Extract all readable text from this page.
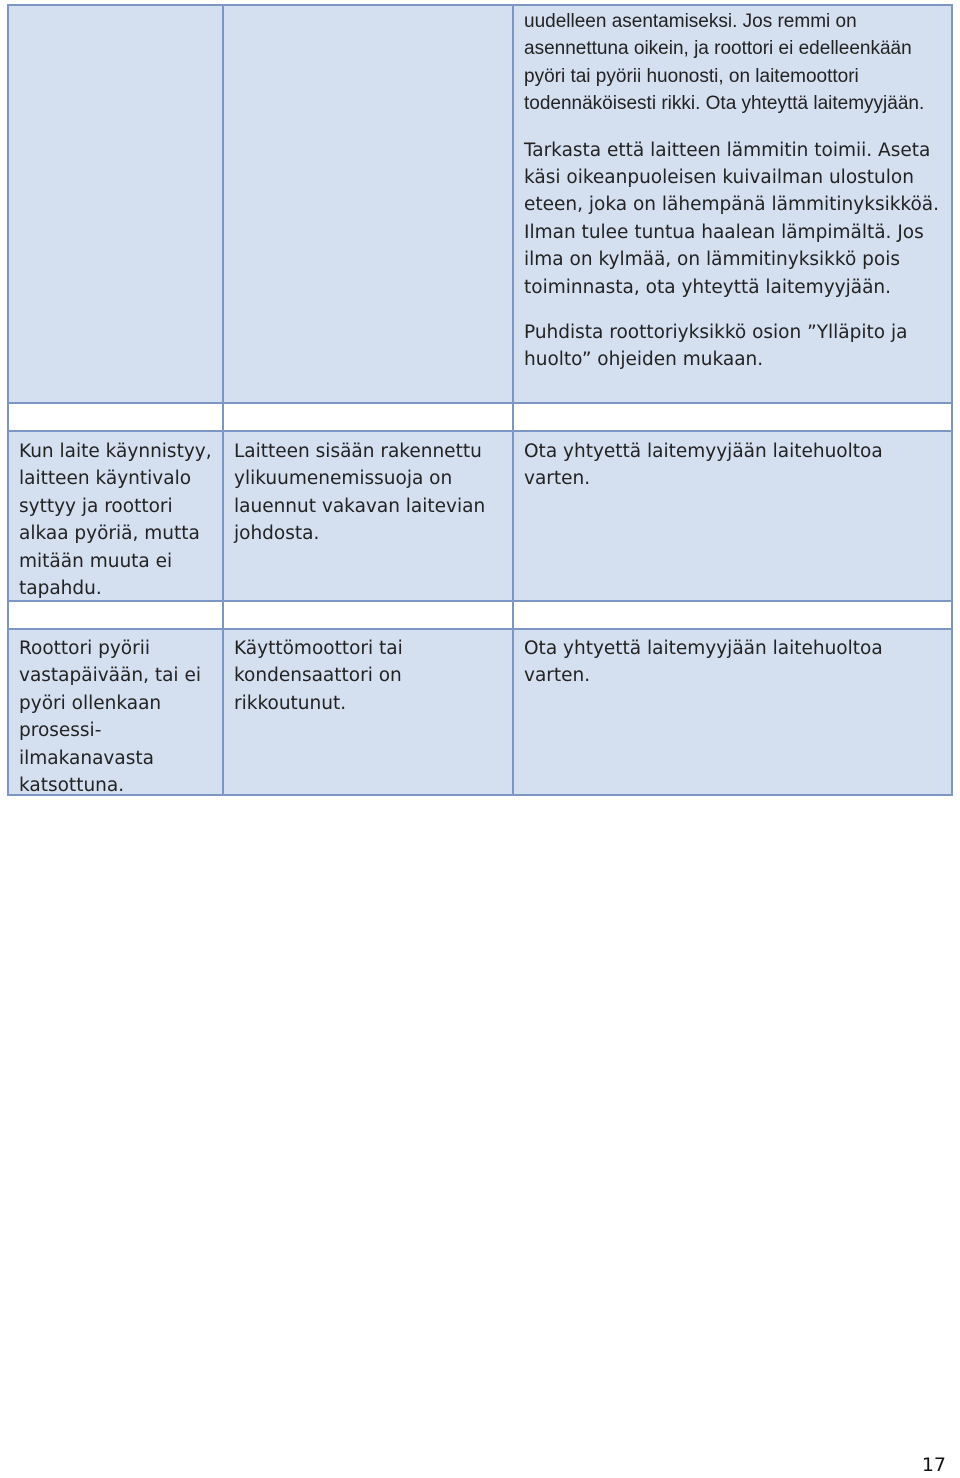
uudelleen asentamiseksi. Jos remmi on asennettuna oikein, ja roottori ei edelleenkään pyöri tai pyörii huonosti, on laitemoottori todennäköisesti rikki. Ota yhteyttä laitemyyjään.

Tarkasta että laitteen lämmitin toimii. Aseta käsi oikeanpuoleisen kuivailman ulostulon eteen, joka on lähempänä lämmitinyksikköä. Ilman tulee tuntua haalean lämpimältä. Jos ilma on kylmää, on lämmitinyksikkö pois toiminnasta, ota yhteyttä laitemyyjään.

Puhdista roottoriyksikkö osion ”Ylläpito ja huolto” ohjeiden mukaan.

Kun laite käynnistyy, laitteen käyntivalo syttyy ja roottori alkaa pyöriä, mutta mitään muuta ei tapahdu.
Laitteen sisään rakennettu ylikuumenemissuoja on lauennut vakavan laitevian johdosta.
Ota yhtyettä laitemyyjään laitehuoltoa varten.
Roottori pyörii vastapäivään, tai ei pyöri ollenkaan prosessi-ilmakanavasta katsottuna.
Käyttömoottori tai kondensaattori on rikkoutunut.
Ota yhtyettä laitemyyjään laitehuoltoa varten.
17
